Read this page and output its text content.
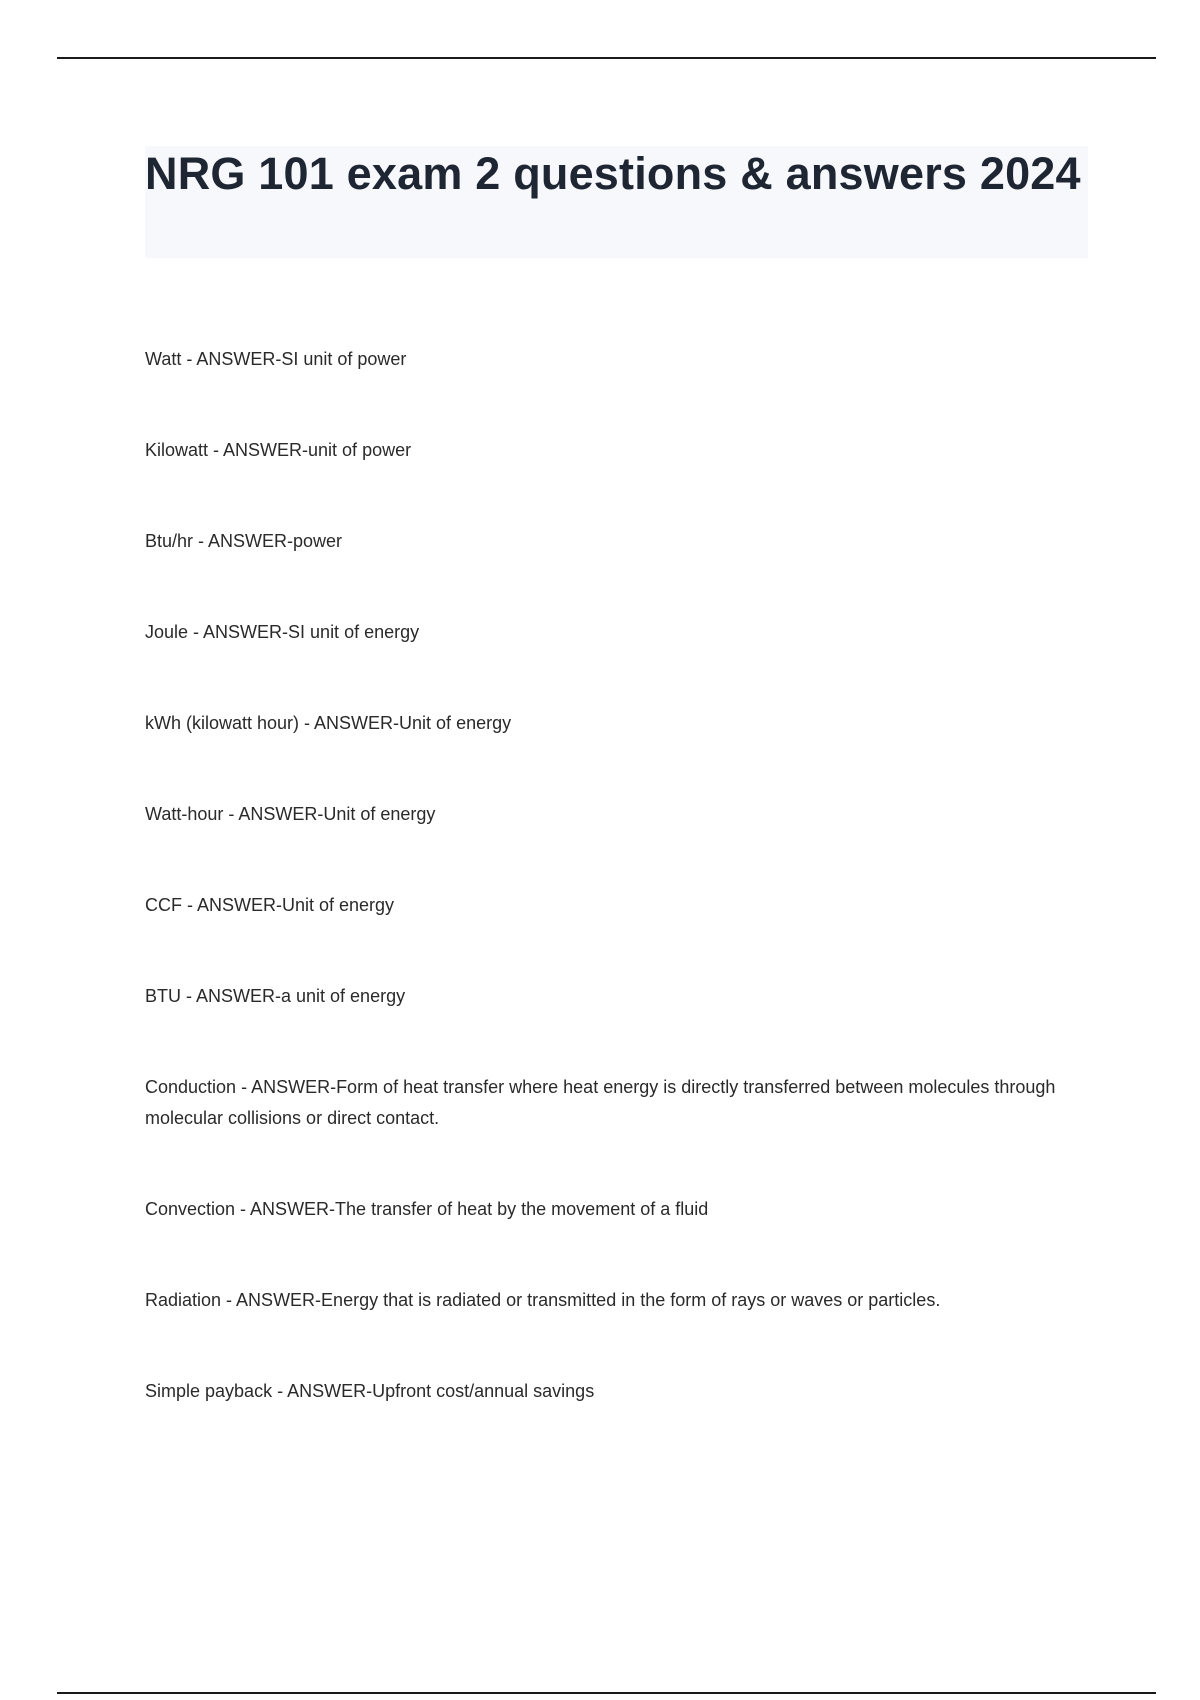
NRG 101 exam 2 questions & answers 2024

Watt - ANSWER-SI unit of power

Kilowatt - ANSWER-unit of power

Btu/hr - ANSWER-power

Joule - ANSWER-SI unit of energy

kWh (kilowatt hour) - ANSWER-Unit of energy

Watt-hour - ANSWER-Unit of energy

CCF - ANSWER-Unit of energy

BTU - ANSWER-a unit of energy

Conduction - ANSWER-Form of heat transfer where heat energy is directly transferred between molecules through molecular collisions or direct contact.

Convection - ANSWER-The transfer of heat by the movement of a fluid

Radiation - ANSWER-Energy that is radiated or transmitted in the form of rays or waves or particles.

Simple payback - ANSWER-Upfront cost/annual savings
